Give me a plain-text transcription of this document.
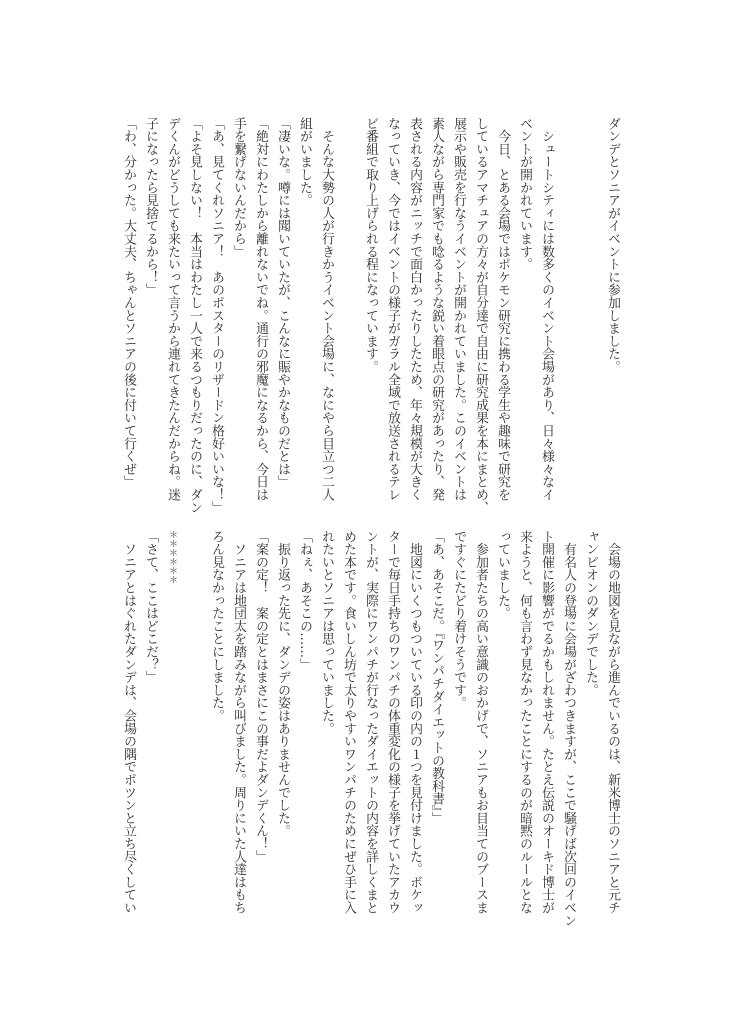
ダンデとソニアがイベントに参加しました。
　シュートシティには数多くのイベント会場があり、日々様々なイ
ベントが開かれています。
　今日、とある会場ではポケモン研究に携わる学生や趣味で研究を
しているアマチュアの方々が自分達で自由に研究成果を本にまとめ、
展示や販売を行なうイベントが開かれていました。このイベントは
素人ながら専門家でも唸るような鋭い着眼点の研究があったり、発
表される内容がニッチで面白かったりしたため、年々規模が大きく
なっていき、今ではイベントの様子がガラル全域で放送されるテレ
ビ番組で取り上げられる程になっています。
　そんな大勢の人が行きかうイベント会場に、なにやら目立つ二人
組がいました。
「凄いな。噂には聞いていたが、こんなに賑やかなものだとは」
「絶対にわたしから離れないでね。通行の邪魔になるから、今日は
手を繋げないんだから」
「あ、見てくれソニア！　あのポスターのリザードン格好いいな！」
「よそ見しない！　本当はわたし一人で来るつもりだったのに、ダン
デくんがどうしても来たいって言うから連れてきたんだからね。迷
子になったら見捨てるから！」
「わ、分かった。大丈夫、ちゃんとソニアの後に付いて行くぜ」
　会場の地図を見ながら進んでいるのは、新米博士のソニアと元チ
ャンピオンのダンデでした。
　有名人の登場に会場がざわつきますが、ここで騒げば次回のイベン
ト開催に影響がでるかもしれません。たとえ伝説のオーキド博士が
来ようと、何も言わず見なかったことにするのが暗黙のルールとな
っていました。
　参加者たちの高い意識のおかげで、ソニアもお目当てのブースま
ですぐにたどり着けそうです。
「あ、あそこだ。『ワンパチダイエットの教科書』」
　地図にいくつもついている印の内の１つを見付けました。ボケッ
ターで毎日手持ちのワンパチの体重変化の様子を挙げていたアカウ
ントが、実際にワンパチが行なったダイエットの内容を詳しくまと
めた本です。食いしん坊で太りやすいワンパチのためにぜひ手に入
れたいとソニアは思っていました。
「ねぇ、あそこの……」
　振り返った先に、ダンデの姿はありませんでした。
「案の定！　案の定とはまさにこの事だよダンデくん！」
　ソニアは地団太を踏みながら叫びました。周りにいた人達はもち
ろん見なかったことにしました。
＊＊＊＊＊＊
「さて、ここはどこだ？」
　ソニアとはぐれたダンデは、会場の隅でポツンと立ち尽くしてい
